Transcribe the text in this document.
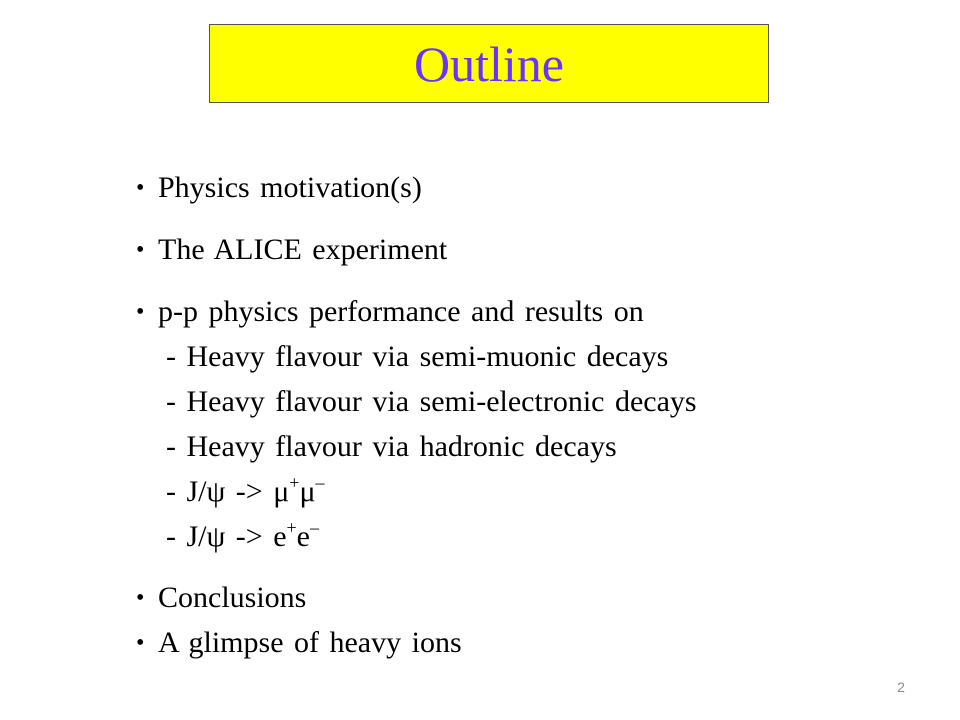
Outline
• Physics motivation(s)
• The ALICE experiment
• p-p physics performance and results on
- Heavy flavour via semi-muonic decays
- Heavy flavour via semi-electronic decays
- Heavy flavour via hadronic decays
- J/ψ -> μ+μ–
- J/ψ -> e+e–
• Conclusions
• A glimpse of heavy ions
2
